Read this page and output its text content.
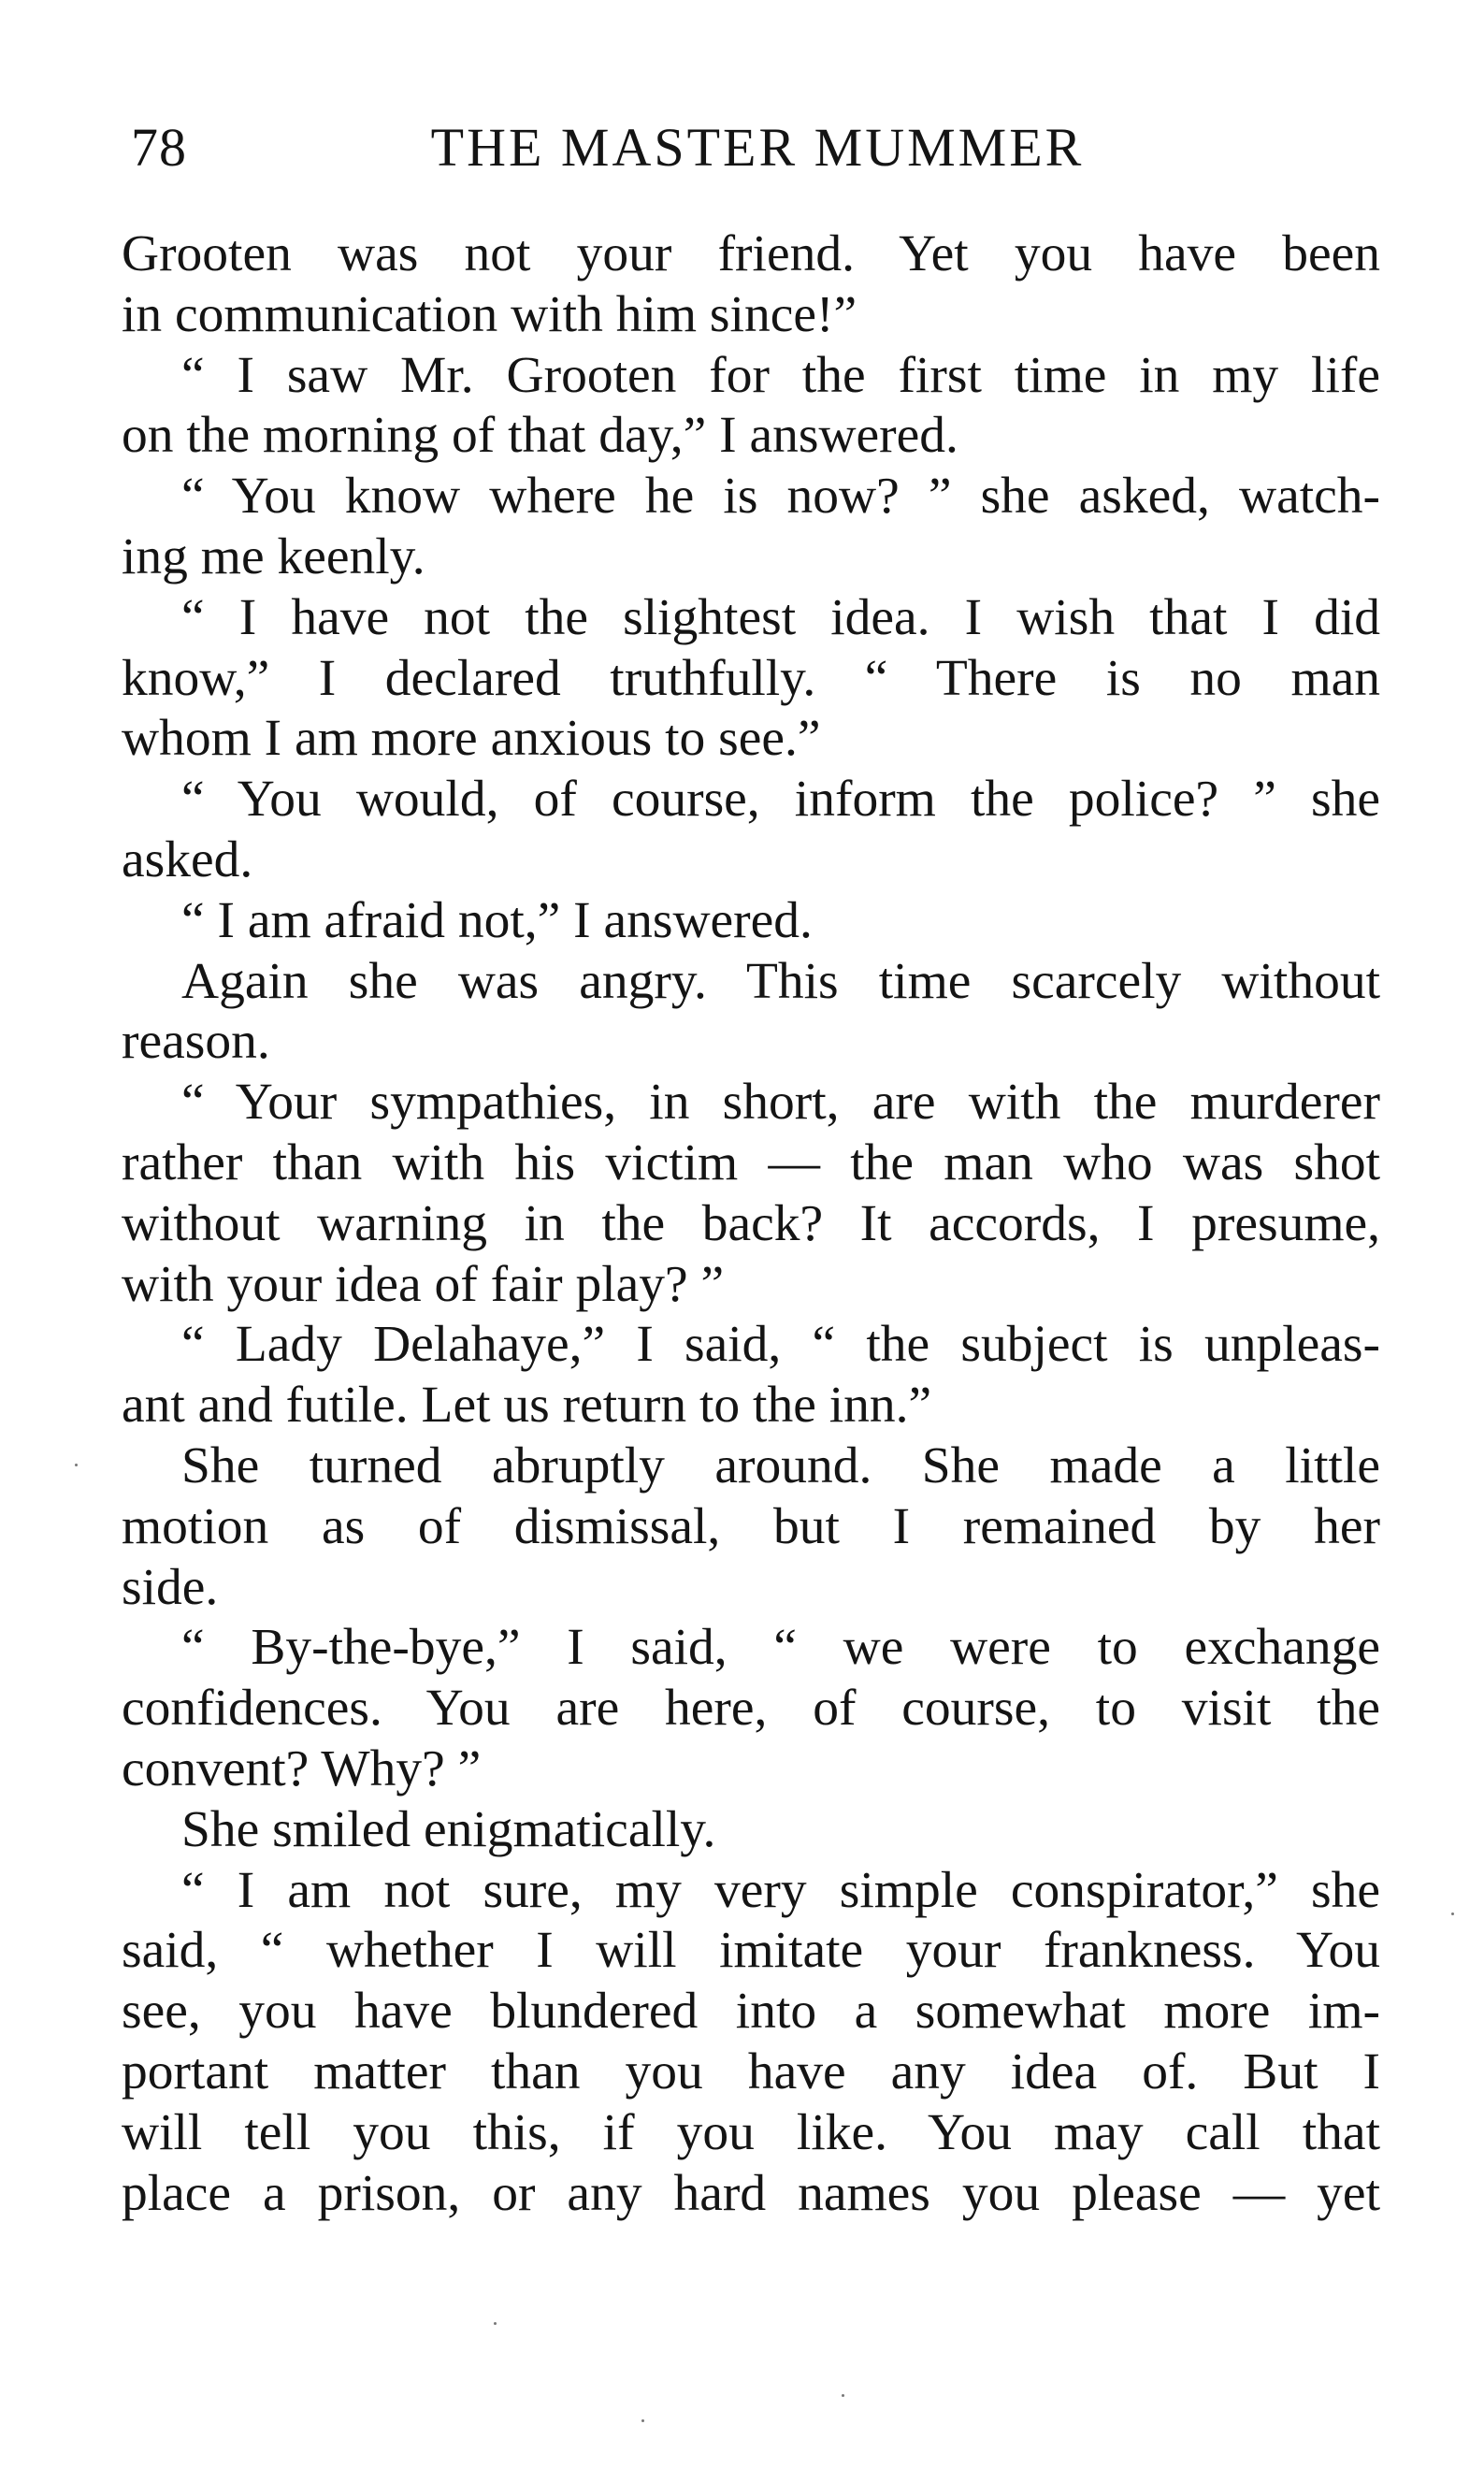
78	THE MASTER MUMMER
Grooten was not your friend. Yet you have been
in communication with him since!”
“ I saw Mr. Grooten for the first time in my life
on the morning of that day,” I answered.
“ You know where he is now? ” she asked, watch-
ing me keenly.
“ I have not the slightest idea. I wish that I did
know,” I declared truthfully. “ There is no man
whom I am more anxious to see.”
“ You would, of course, inform the police? ” she
asked.
“ I am afraid not,” I answered.
Again she was angry. This time scarcely without
reason.
“ Your sympathies, in short, are with the murderer
rather than with his victim — the man who was shot
without warning in the back? It accords, I presume,
with your idea of fair play? ”
“ Lady Delahaye,” I said, “ the subject is unpleas-
ant and futile. Let us return to the inn.”
She turned abruptly around. She made a little
motion as of dismissal, but I remained by her
side.
“ By-the-bye,” I said, “ we were to exchange
confidences. You are here, of course, to visit the
convent? Why? ”
She smiled enigmatically.
“ I am not sure, my very simple conspirator,” she
said, “ whether I will imitate your frankness. You
see, you have blundered into a somewhat more im-
portant matter than you have any idea of. But I
will tell you this, if you like. You may call that
place a prison, or any hard names you please — yet
